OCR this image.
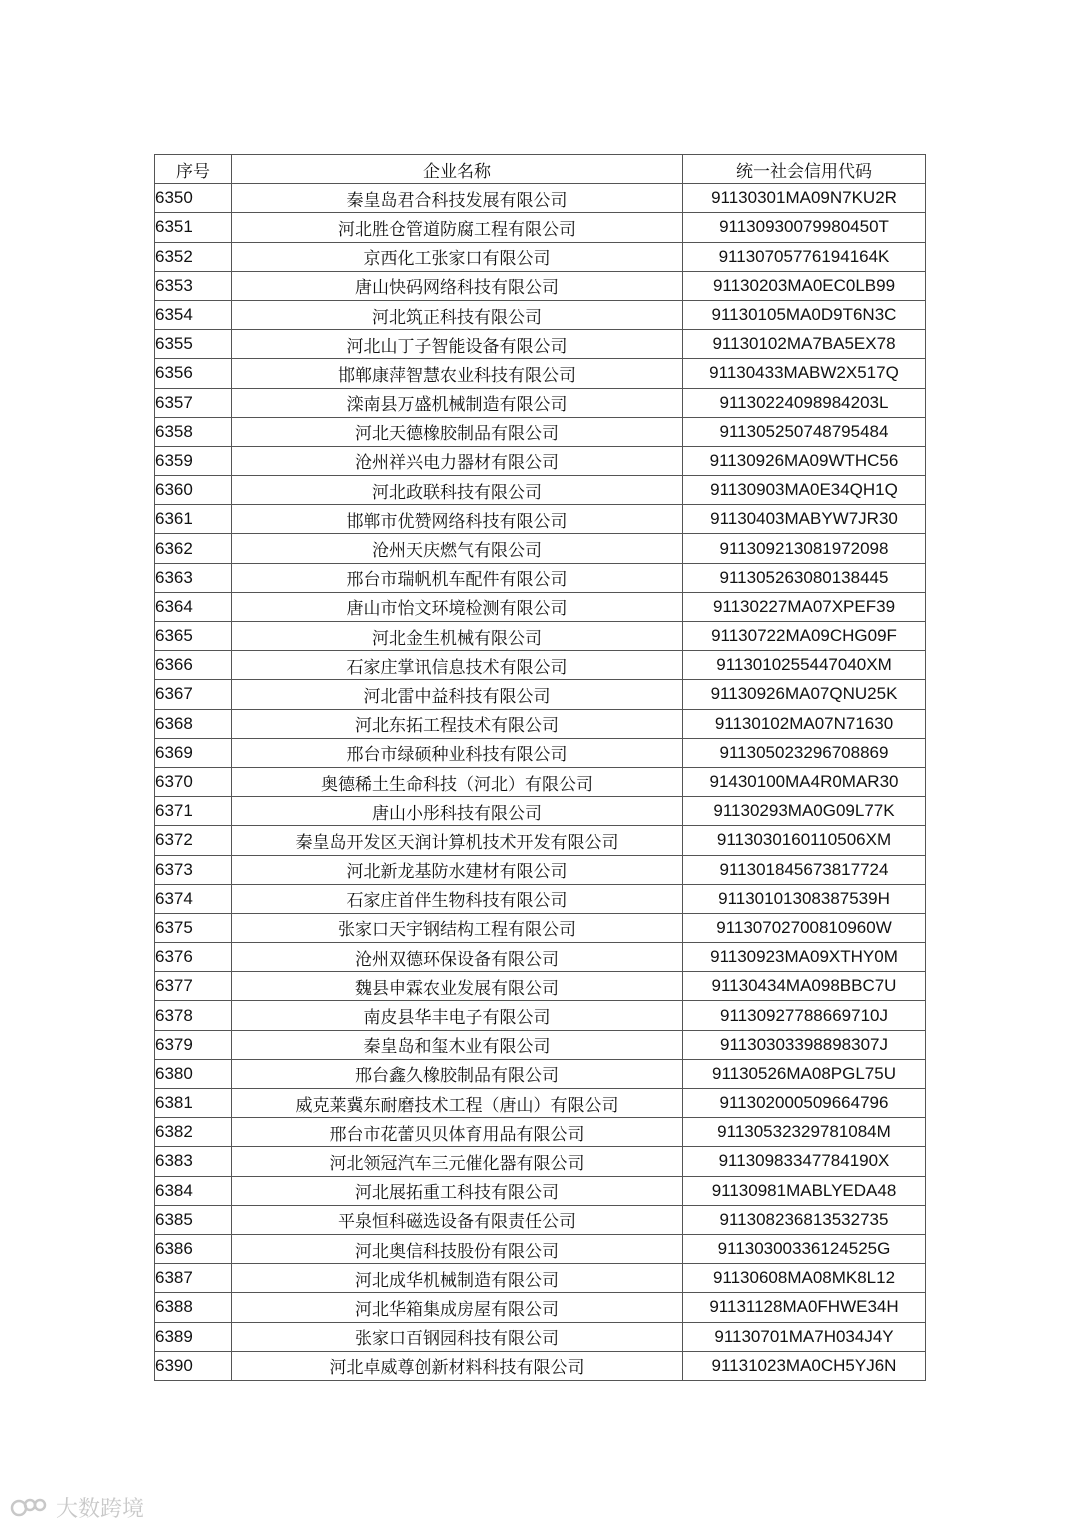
序号	企业名称	统一社会信用代码
6350	秦皇岛君合科技发展有限公司	91130301MA09N7KU2R
6351	河北胜仓管道防腐工程有限公司	91130930079980450T
6352	京西化工张家口有限公司	91130705776194164K
6353	唐山快码网络科技有限公司	91130203MA0EC0LB99
6354	河北筑正科技有限公司	91130105MA0D9T6N3C
6355	河北山丁子智能设备有限公司	91130102MA7BA5EX78
6356	邯郸康萍智慧农业科技有限公司	91130433MABW2X517Q
6357	滦南县万盛机械制造有限公司	91130224098984203L
6358	河北天德橡胶制品有限公司	91130525074879548​4
6359	沧州祥兴电力器材有限公司	91130926MA09WTHC56
6360	河北政联科技有限公司	91130903MA0E34QH1Q
6361	邯郸市优赞网络科技有限公司	91130403MABYW7JR30
6362	沧州天庆燃气有限公司	911309213081972098
6363	邢台市瑞帆机车配件有限公司	911305263080138445
6364	唐山市怡文环境检测有限公司	91130227MA07XPEF39
6365	河北金生机械有限公司	91130722MA09CHG09F
6366	石家庄掌讯信息技术有限公司	91130102554470​40XM
6367	河北雷中益科技有限公司	91130926MA07QNU25K
6368	河北东拓工程技术有限公司	91130102MA07N71630
6369	邢台市绿硕种业科技有限公司	911305023296708869
6370	奥德稀土生命科技（河北）有限公司	91430100MA4R0MAR30
6371	唐山小彤科技有限公司	91130293MA0G09L77K
6372	秦皇岛开发区天润计算机技术开发有限公司	9113030160110506XM
6373	河北新龙基防水建材有限公司	911301845673817724
6374	石家庄首伴生物科技有限公司	91130101308387539H
6375	张家口天宇钢结构工程有限公司	91130702700810960W
6376	沧州双德环保设备有限公司	91130923MA09XTHY0M
6377	魏县申霖农业发展有限公司	91130434MA098BBC7U
6378	南皮县华丰电子有限公司	91130927788669710J
6379	秦皇岛和玺木业有限公司	91130303398898307J
6380	邢台鑫久橡胶制品有限公司	91130526MA08PGL75U
6381	威克莱冀东耐磨技术工程（唐山）有限公司	911302000509664796
6382	邢台市花蕾贝贝体育用品有限公司	91130532329781084M
6383	河北领冠汽车三元催化器有限公司	91130983347784190X
6384	河北展拓重工科技有限公司	91130981MABLYEDA48
6385	平泉恒科磁选设备有限责任公司	911308236813532735
6386	河北奥信科技股份有限公司	91130300336124525G
6387	河北成华机械制造有限公司	91130608MA08MK8L12
6388	河北华箱集成房屋有限公司	91131128MA0FHWE34H
6389	张家口百钢园科技有限公司	91130701MA7H034J4Y
6390	河北卓威尊创新材料科技有限公司	91131023MA0CH5YJ6N
大数跨境
